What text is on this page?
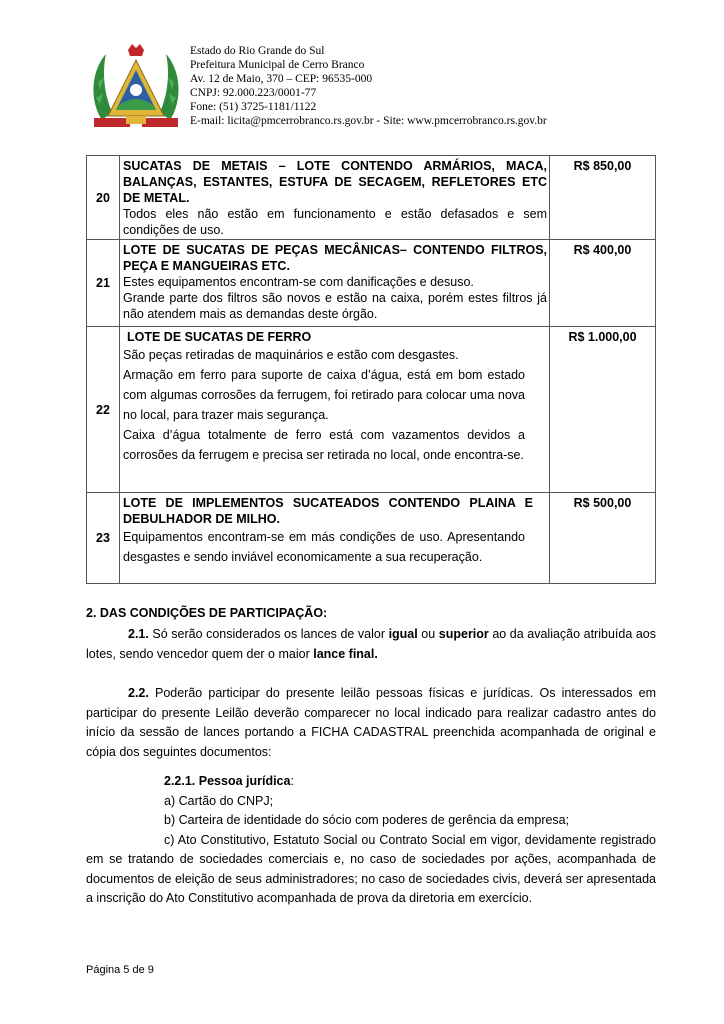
Estado do Rio Grande do Sul
Prefeitura Municipal de Cerro Branco
Av. 12 de Maio, 370 – CEP: 96535-000
CNPJ: 92.000.223/0001-77
Fone: (51) 3725-1181/1122
E-mail: licita@pmcerrobranco.rs.gov.br - Site: www.pmcerrobranco.rs.gov.br
20	SUCATAS DE METAIS – LOTE CONTENDO ARMÁRIOS, MACA, BALANÇAS, ESTANTES, ESTUFA DE SECAGEM, REFLETORES ETC DE METAL.
Todos eles não estão em funcionamento e estão defasados e sem condições de uso.	R$ 850,00
21	LOTE DE SUCATAS DE PEÇAS MECÂNICAS– CONTENDO FILTROS, PEÇA E MANGUEIRAS ETC.
Estes equipamentos encontram-se com danificações e desuso.
Grande parte dos filtros são novos e estão na caixa, porém estes filtros já não atendem mais as demandas deste órgão.	R$ 400,00
22	LOTE DE SUCATAS DE FERRO

São peças retiradas de maquinários e estão com desgastes.

Armação em ferro para suporte de caixa d’água, está em bom estado com algumas corrosões da ferrugem, foi retirado para colocar uma nova no local, para trazer mais segurança.

Caixa d’água totalmente de ferro está com vazamentos devidos a corrosões da ferrugem e precisa ser retirada no local, onde encontra-se.	R$ 1.000,00
23	LOTE DE IMPLEMENTOS SUCATEADOS CONTENDO PLAINA E DEBULHADOR DE MILHO.

Equipamentos encontram-se em más condições de uso. Apresentando desgastes e sendo inviável economicamente a sua recuperação.	R$ 500,00

2. DAS CONDIÇÕES DE PARTICIPAÇÃO:

2.1. Só serão considerados os lances de valor igual ou superior ao da avaliação atribuída aos lotes, sendo vencedor quem der o maior lance final.

2.2. Poderão participar do presente leilão pessoas físicas e jurídicas. Os interessados em participar do presente Leilão deverão comparecer no local indicado para realizar cadastro antes do início da sessão de lances portando a FICHA CADASTRAL preenchida acompanhada de original e cópia dos seguintes documentos:

2.2.1. Pessoa jurídica:

a) Cartão do CNPJ;

b) Carteira de identidade do sócio com poderes de gerência da empresa;

c) Ato Constitutivo, Estatuto Social ou Contrato Social em vigor, devidamente registrado em se tratando de sociedades comerciais e, no caso de sociedades por ações, acompanhada de documentos de eleição de seus administradores; no caso de sociedades civis, deverá ser apresentada a inscrição do Ato Constitutivo acompanhada de prova da diretoria em exercício.

Página 5 de 9
